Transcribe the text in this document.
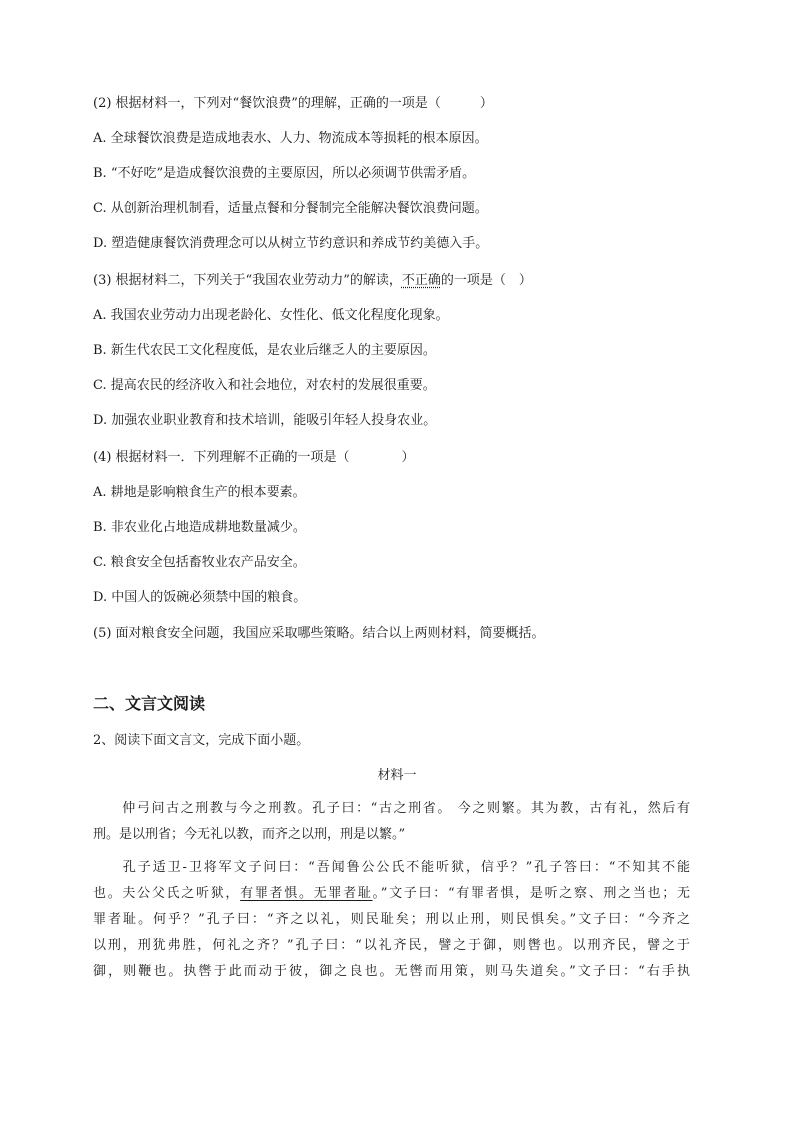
(2) 根据材料一，下列对“餐饮浪费”的理解，正确的一项是（　　　）
A. 全球餐饮浪费是造成地表水、人力、物流成本等损耗的根本原因。
B. “不好吃”是造成餐饮浪费的主要原因，所以必须调节供需矛盾。
C. 从创新治理机制看，适量点餐和分餐制完全能解决餐饮浪费问题。
D. 塑造健康餐饮消费理念可以从树立节约意识和养成节约美德入手。
(3) 根据材料二，下列关于“我国农业劳动力”的解读，不正确的一项是（　）
A. 我国农业劳动力出现老龄化、女性化、低文化程度化现象。
B. 新生代农民工文化程度低，是农业后继乏人的主要原因。
C. 提高农民的经济收入和社会地位，对农村的发展很重要。
D. 加强农业职业教育和技术培训，能吸引年轻人投身农业。
(4) 根据材料一．下列理解不正确的一项是（　　　　）
A. 耕地是影响粮食生产的根本要素。
B. 非农业化占地造成耕地数量减少。
C. 粮食安全包括畜牧业农产品安全。
D. 中国人的饭碗必须禁中国的粮食。
(5) 面对粮食安全问题，我国应采取哪些策略。结合以上两则材料，简要概括。
二、文言文阅读
2、阅读下面文言文，完成下面小题。
材料一
　　仲弓问古之刑教与今之刑教。孔子曰：“古之刑省。 今之则繁。其为教，古有礼，然后有
刑。是以刑省；今无礼以教，而齐之以刑，刑是以繁。”
　　孔子适卫-卫将军文子问曰：“吾闻鲁公公氏不能听狱，信乎？”孔子答曰：“不知其不能
也。夫公父氏之听狱，有罪者惧。无罪者耻。”文子曰：“有罪者惧，是听之察、刑之当也；无
罪者耻。何乎？”孔子曰：“齐之以礼，则民耻矣；刑以止刑，则民惧矣。”文子曰：“今齐之
以刑，刑犹弗胜，何礼之齐？”孔子曰：“以礼齐民，譬之于御，则辔也。以刑齐民，譬之于
御，则鞭也。执辔于此而动于彼，御之良也。无辔而用策，则马失道矣。”文子曰：“右手执
